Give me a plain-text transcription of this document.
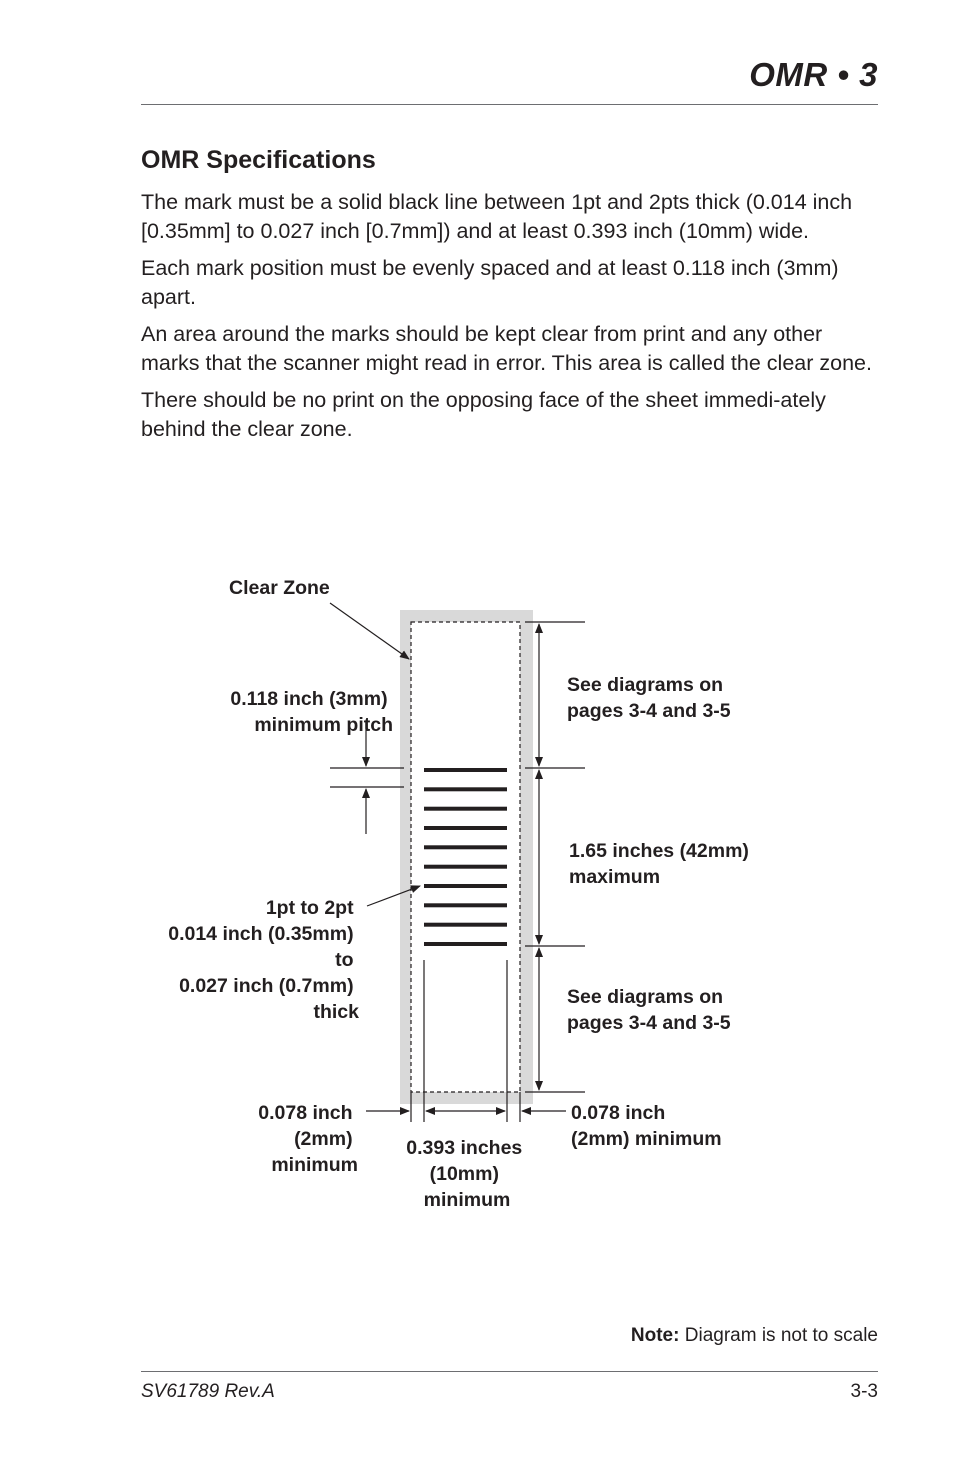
OMR • 3
OMR Specifications

The mark must be a solid black line between 1pt and 2pts thick (0.014 inch [0.35mm] to 0.027 inch [0.7mm]) and at least 0.393 inch (10mm) wide.

Each mark position must be evenly spaced and at least 0.118 inch (3mm) apart.

An area around the marks should be kept clear from print and any other marks that the scanner might read in error. This area is called the clear zone.

There should be no print on the opposing face of the sheet immedi-ately behind the clear zone.

Clear Zone
0.118 inch (3mm) minimum pitch
See diagrams on pages 3-4 and 3-5
1.65 inches (42mm) maximum
See diagrams on pages 3-4 and 3-5
1pt to 2pt 0.014 inch (0.35mm) to 0.027 inch (0.7mm) thick
0.078 inch (2mm) minimum
0.393 inches (10mm) minimum
0.078 inch (2mm) minimum
Note: Diagram is not to scale
SV61789 Rev.A	3-3
